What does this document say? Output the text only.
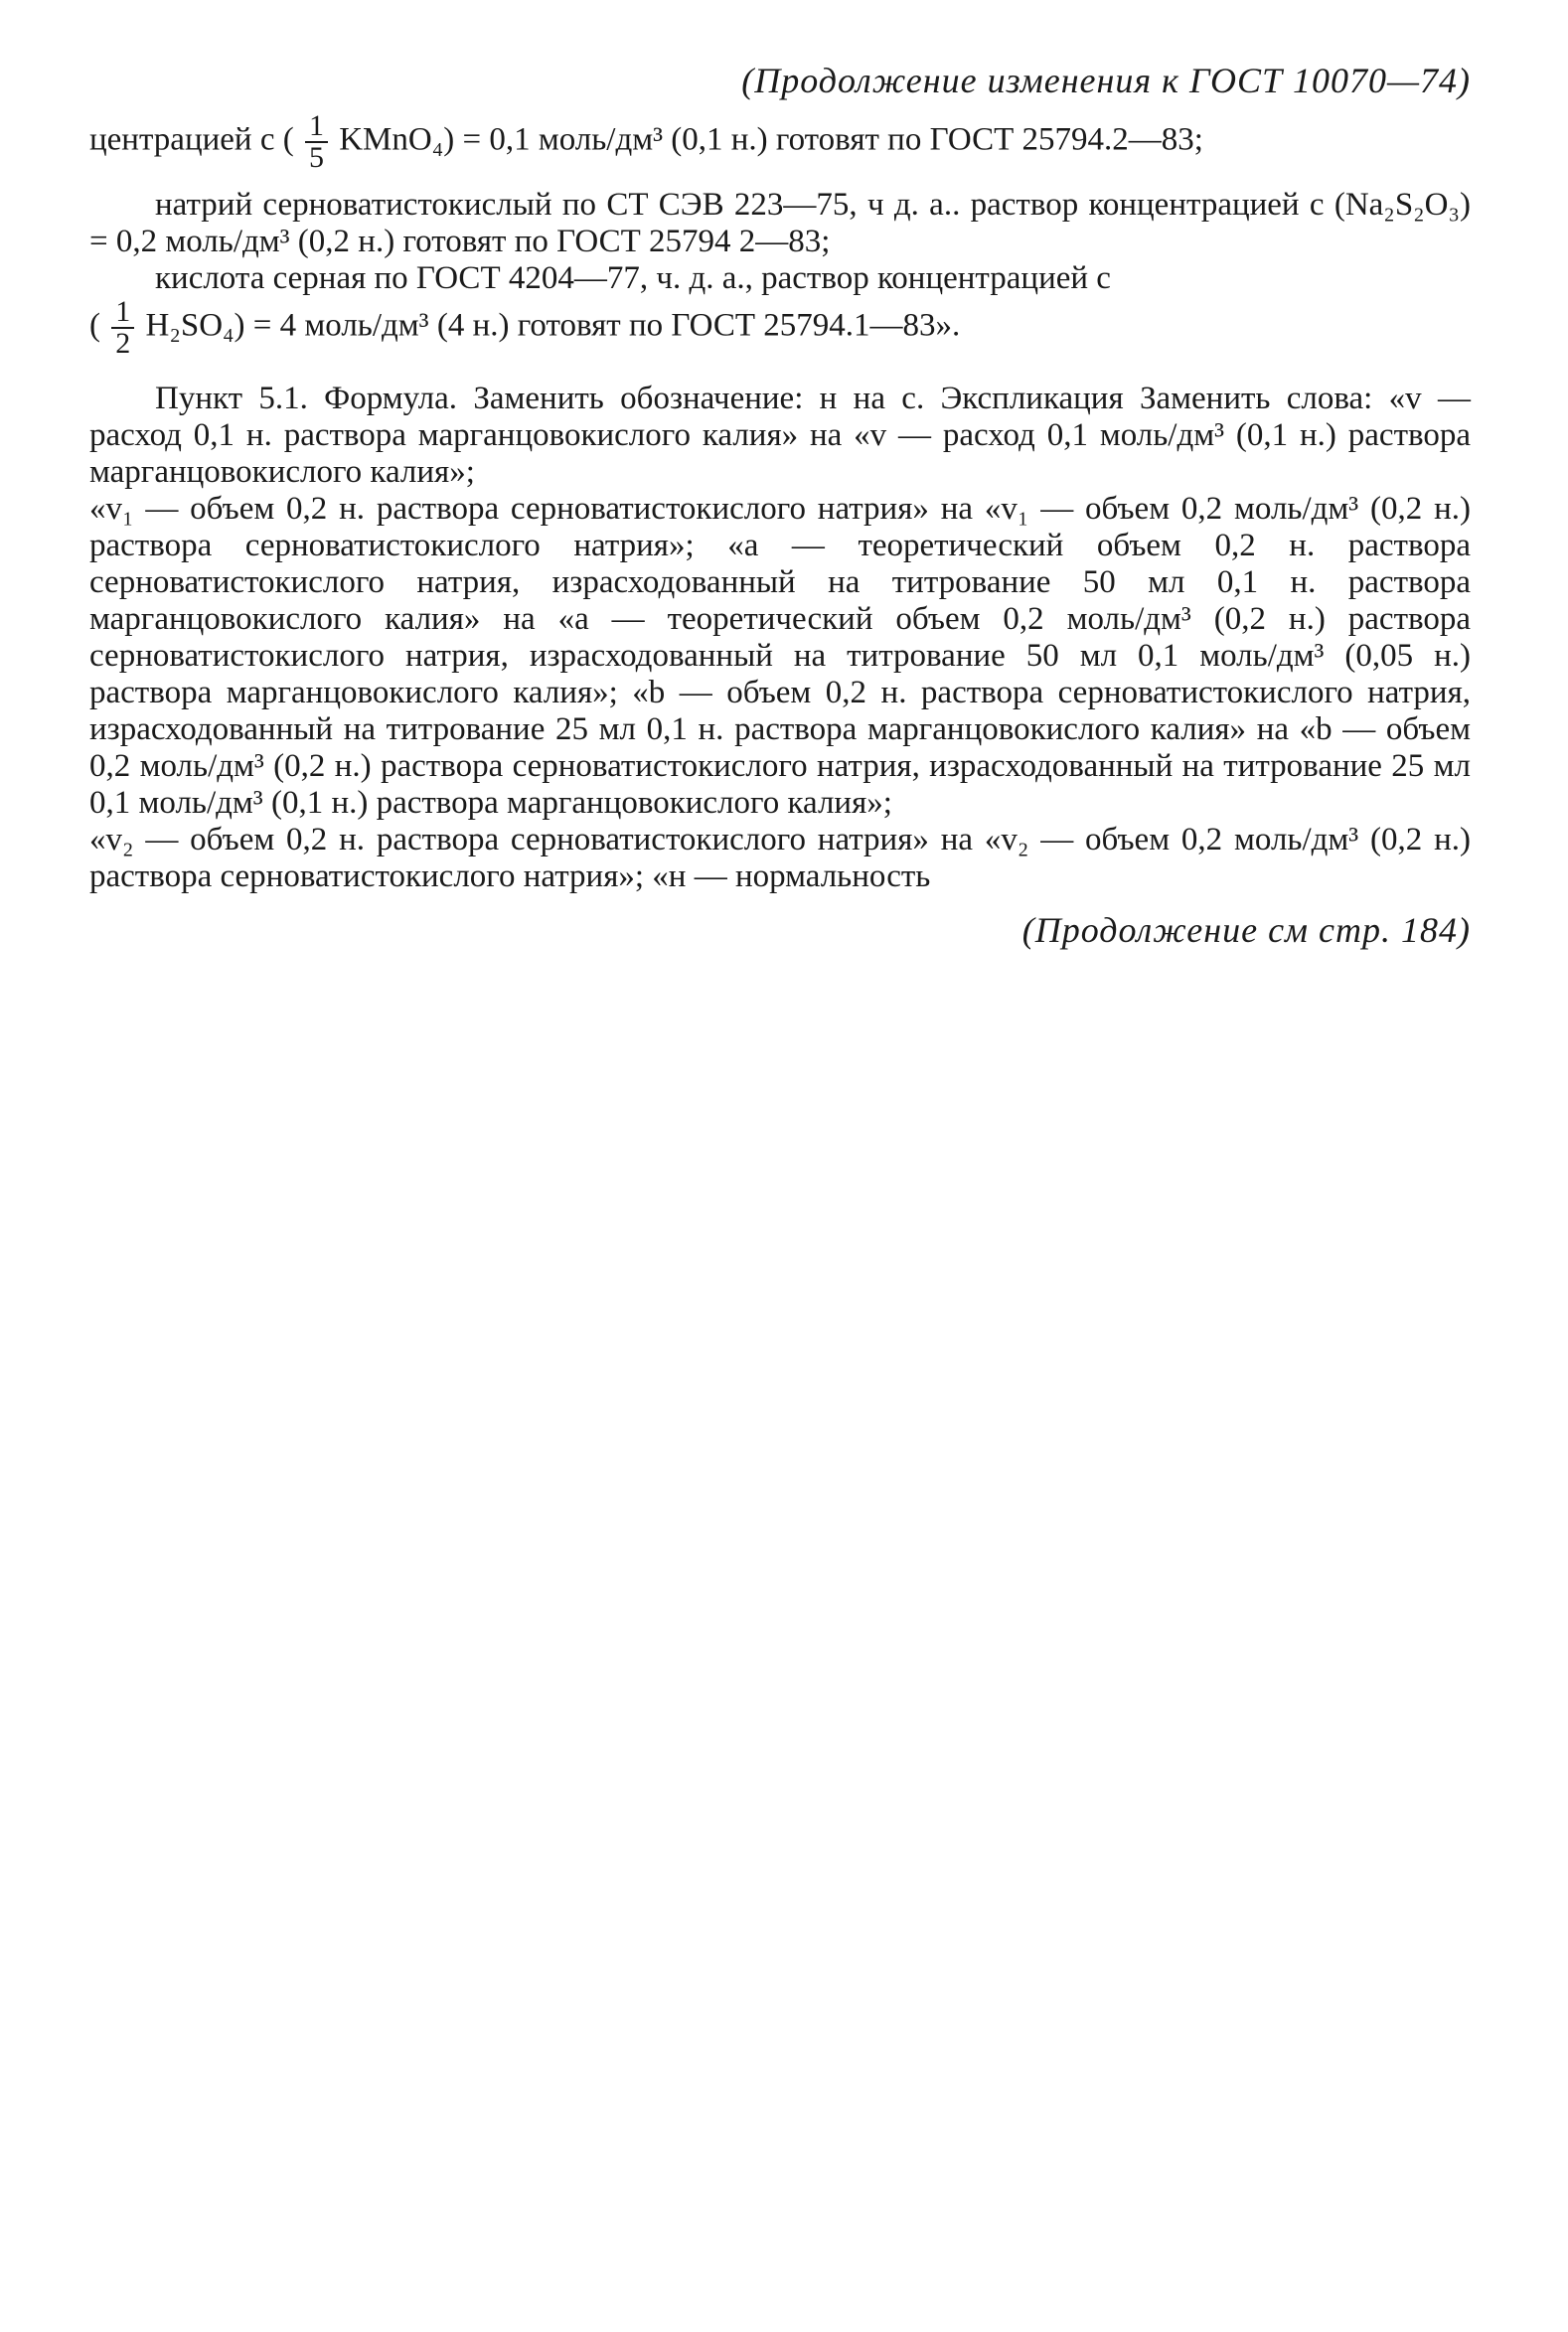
(Продолжение изменения к ГОСТ 10070—74)

центрацией с ( $\frac{1}{5}$ KMnO₄) = 0,1 моль/дм³ (0,1 н.) готовят по ГОСТ 25794.2—83;

натрий серноватистокислый по СТ СЭВ 223—75, ч д. а.. раствор концентрацией с (Na₂S₂O₃) = 0,2 моль/дм³ (0,2 н.) готовят по ГОСТ 25794 2—83;

кислота серная по ГОСТ 4204—77, ч. д. а., раствор концентрацией с

( $\frac{1}{2} H_2SO_4) = 4$ моль/дм³ (4 н.) готовят по ГОСТ 25794.1—83».

Пункт 5.1. Формула. Заменить обозначение: н на с. Экспликация Заменить слова: «v — расход 0,1 н. раствора марганцовокислого калия» на «v — расход 0,1 моль/дм³ (0,1 н.) раствора марганцовокислого калия»;

«v₁ — объем 0,2 н. раствора серноватистокислого натрия» на «v₁ — объем 0,2 моль/дм³ (0,2 н.) раствора серноватистокислого натрия»; «a — теоретический объем 0,2 н. раствора серноватистокислого натрия, израсходованный на титрование 50 мл 0,1 н. раствора марганцовокислого калия» на «a — теоретический объем 0,2 моль/дм³ (0,2 н.) раствора серноватистокислого натрия, израсходованный на титрование 50 мл 0,1 моль/дм³ (0,05 н.) раствора марганцовокислого калия»; «b — объем 0,2 н. раствора серноватистокислого натрия, израсходованный на титрование 25 мл 0,1 н. раствора марганцовокислого калия» на «b — объем 0,2 моль/дм³ (0,2 н.) раствора серноватистокислого натрия, израсходованный на титрование 25 мл 0,1 моль/дм³ (0,1 н.) раствора марганцовокислого калия»;

«v₂ — объем 0,2 н. раствора серноватистокислого натрия» на «v₂ — объем 0,2 моль/дм³ (0,2 н.) раствора серноватистокислого натрия»; «н — нормальность

(Продолжение см стр. 184)
